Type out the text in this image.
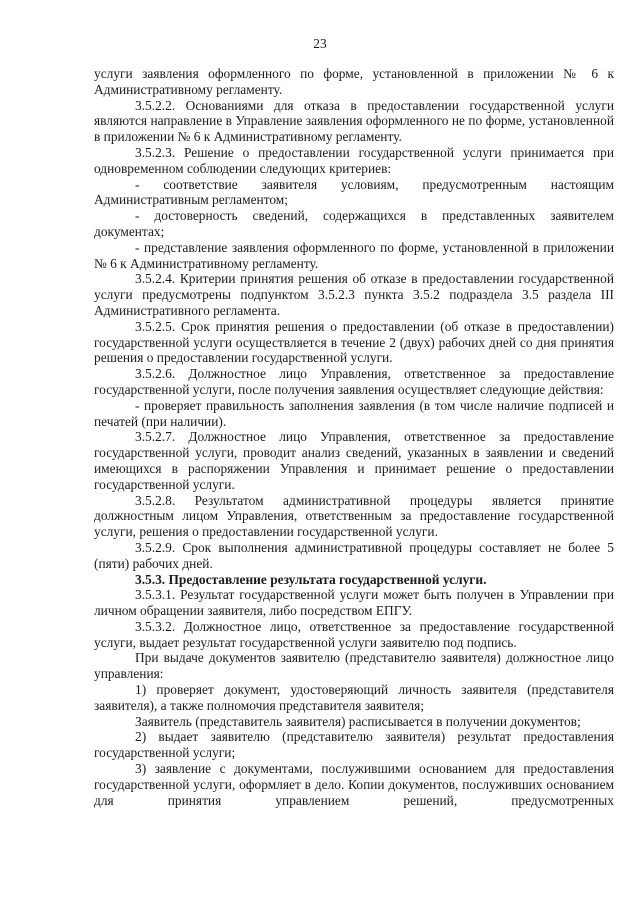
23

услуги заявления оформленного по форме, установленной в приложении № 6 к Административному регламенту.

3.5.2.2. Основаниями для отказа в предоставлении государственной услуги являются направление в Управление заявления оформленного не по форме, установленной в приложении № 6 к Административному регламенту.

3.5.2.3. Решение о предоставлении государственной услуги принимается при одновременном соблюдении следующих критериев:

- соответствие заявителя условиям, предусмотренным настоящим Административным регламентом;

- достоверность сведений, содержащихся в представленных заявителем документах;

- представление заявления оформленного по форме, установленной в приложении № 6 к Административному регламенту.

3.5.2.4. Критерии принятия решения об отказе в предоставлении государственной услуги предусмотрены подпунктом 3.5.2.3 пункта 3.5.2 подраздела 3.5 раздела III Административного регламента.

3.5.2.5. Срок принятия решения о предоставлении (об отказе в предоставлении) государственной услуги осуществляется в течение 2 (двух) рабочих дней со дня принятия решения о предоставлении государственной услуги.

3.5.2.6. Должностное лицо Управления, ответственное за предоставление государственной услуги, после получения заявления осуществляет следующие действия:

- проверяет правильность заполнения заявления (в том числе наличие подписей и печатей (при наличии).

3.5.2.7. Должностное лицо Управления, ответственное за предоставление государственной услуги, проводит анализ сведений, указанных в заявлении и сведений имеющихся в распоряжении Управления и принимает решение о предоставлении государственной услуги.

3.5.2.8. Результатом административной процедуры является принятие должностным лицом Управления, ответственным за предоставление государственной услуги, решения о предоставлении государственной услуги.

3.5.2.9. Срок выполнения административной процедуры составляет не более 5 (пяти) рабочих дней.

3.5.3. Предоставление результата государственной услуги.

3.5.3.1. Результат государственной услуги может быть получен в Управлении при личном обращении заявителя, либо посредством ЕПГУ.

3.5.3.2. Должностное лицо, ответственное за предоставление государственной услуги, выдает результат государственной услуги заявителю под подпись.

При выдаче документов заявителю (представителю заявителя) должностное лицо управления:

1) проверяет документ, удостоверяющий личность заявителя (представителя заявителя), а также полномочия представителя заявителя;

Заявитель (представитель заявителя) расписывается в получении документов;

2) выдает заявителю (представителю заявителя) результат предоставления государственной услуги;

3) заявление с документами, послужившими основанием для предоставления государственной услуги, оформляет в дело. Копии документов, послуживших основанием для принятия управлением решений, предусмотренных
